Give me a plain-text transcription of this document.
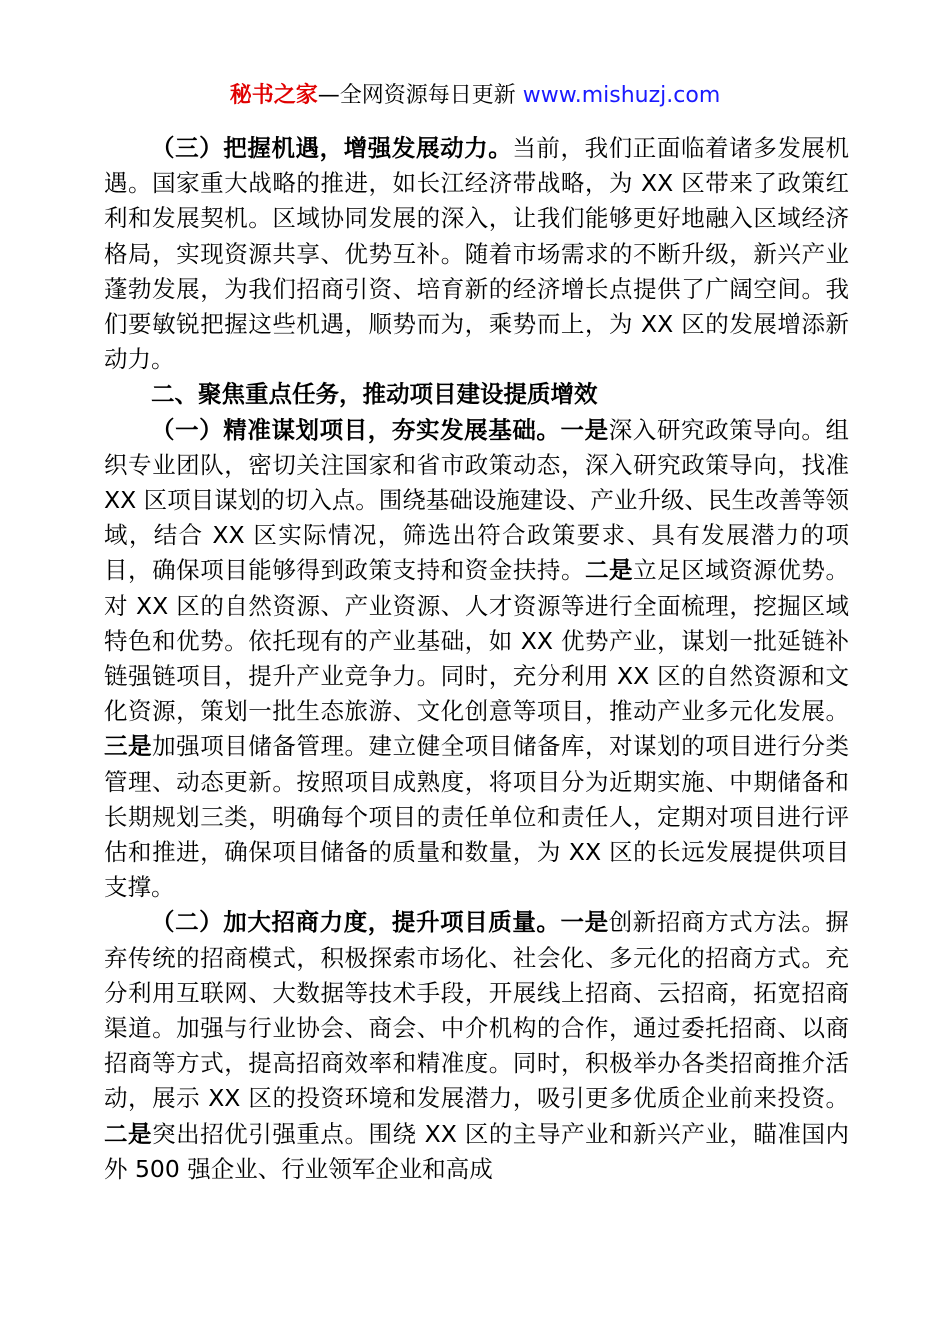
秘书之家—全网资源每日更新 www.mishuzj.com

（三）把握机遇，增强发展动力。当前，我们正面临着诸多发展机遇。国家重大战略的推进，如长江经济带战略，为 XX 区带来了政策红利和发展契机。区域协同发展的深入，让我们能够更好地融入区域经济格局，实现资源共享、优势互补。随着市场需求的不断升级，新兴产业蓬勃发展，为我们招商引资、培育新的经济增长点提供了广阔空间。我们要敏锐把握这些机遇，顺势而为，乘势而上，为 XX 区的发展增添新动力。

二、聚焦重点任务，推动项目建设提质增效

（一）精准谋划项目，夯实发展基础。一是深入研究政策导向。组织专业团队，密切关注国家和省市政策动态，深入研究政策导向，找准 XX 区项目谋划的切入点。围绕基础设施建设、产业升级、民生改善等领域，结合 XX 区实际情况，筛选出符合政策要求、具有发展潜力的项目，确保项目能够得到政策支持和资金扶持。二是立足区域资源优势。对 XX 区的自然资源、产业资源、人才资源等进行全面梳理，挖掘区域特色和优势。依托现有的产业基础，如 XX 优势产业，谋划一批延链补链强链项目，提升产业竞争力。同时，充分利用 XX 区的自然资源和文化资源，策划一批生态旅游、文化创意等项目，推动产业多元化发展。三是加强项目储备管理。建立健全项目储备库，对谋划的项目进行分类管理、动态更新。按照项目成熟度，将项目分为近期实施、中期储备和长期规划三类，明确每个项目的责任单位和责任人，定期对项目进行评估和推进，确保项目储备的质量和数量，为 XX 区的长远发展提供项目支撑。

（二）加大招商力度，提升项目质量。一是创新招商方式方法。摒弃传统的招商模式，积极探索市场化、社会化、多元化的招商方式。充分利用互联网、大数据等技术手段，开展线上招商、云招商，拓宽招商渠道。加强与行业协会、商会、中介机构的合作，通过委托招商、以商招商等方式，提高招商效率和精准度。同时，积极举办各类招商推介活动，展示 XX 区的投资环境和发展潜力，吸引更多优质企业前来投资。二是突出招优引强重点。围绕 XX 区的主导产业和新兴产业，瞄准国内外 500 强企业、行业领军企业和高成
